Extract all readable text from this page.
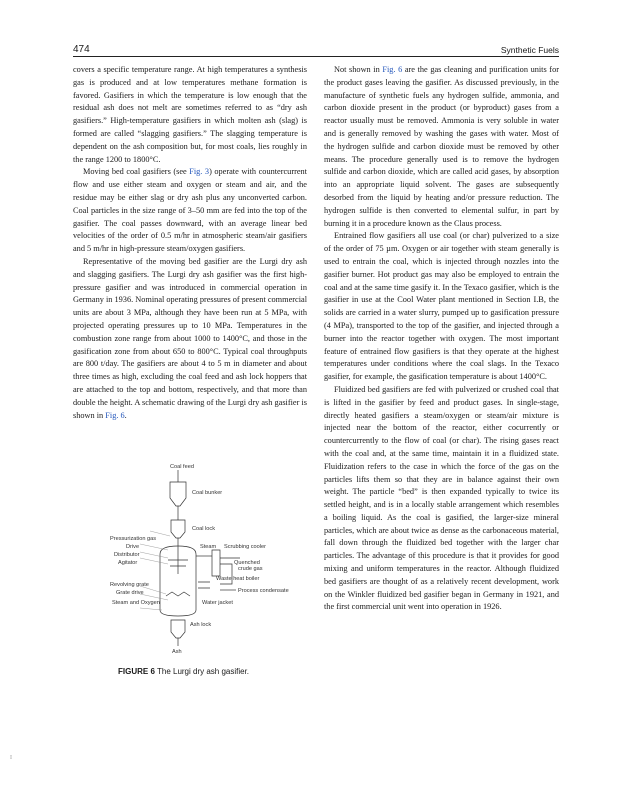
474	Synthetic Fuels

covers a specific temperature range. At high temperatures a synthesis gas is produced and at low temperatures methane formation is favored. Gasifiers in which the temperature is low enough that the residual ash does not melt are sometimes referred to as “dry ash gasifiers.” High-temperature gasifiers in which molten ash (slag) is formed are called “slagging gasifiers.” The slagging temperature is dependent on the ash composition but, for most coals, lies roughly in the range 1200 to 1800°C.

Moving bed coal gasifiers (see Fig. 3) operate with countercurrent flow and use either steam and oxygen or steam and air, and the residue may be either slag or dry ash plus any unconverted carbon. Coal particles in the size range of 3–50 mm are fed into the top of the gasifier. The coal passes downward, with an average linear bed velocities of the order of 0.5 m/hr in atmospheric steam/air gasifiers and 5 m/hr in high-pressure steam/oxygen gasifiers.

Representative of the moving bed gasifier are the Lurgi dry ash and slagging gasifiers. The Lurgi dry ash gasifier was the first high-pressure gasifier and was introduced in commercial operation in Germany in 1936. Nominal operating pressures of present commercial units are about 3 MPa, although they have been run at 5 MPa, with projected operating pressures up to 10 MPa. Temperatures in the combustion zone range from about 1000 to 1400°C, and those in the gasification zone from about 650 to 800°C. Typical coal throughputs are 800 t/day. The gasifiers are about 4 to 5 m in diameter and about three times as high, excluding the coal feed and ash lock hoppers that are attached to the top and bottom, respectively, and that more than double the height. A schematic drawing of the Lurgi dry ash gasifier is shown in Fig. 6.

Not shown in Fig. 6 are the gas cleaning and purification units for the product gases leaving the gasifier. As discussed previously, in the manufacture of synthetic fuels any hydrogen sulfide, ammonia, and carbon dioxide present in the product (or byproduct) gases from a reactor usually must be removed. Ammonia is very soluble in water and is generally removed by washing the gases with water. Most of the hydrogen sulfide and carbon dioxide must be removed by other means. The procedure generally used is to remove the hydrogen sulfide and carbon dioxide, which are called acid gases, by absorption into an appropriate liquid solvent. The gases are subsequently desorbed from the liquid by heating and/or pressure reduction. The hydrogen sulfide is then converted to elemental sulfur, in part by burning it in a procedure known as the Claus process.

Entrained flow gasifiers all use coal (or char) pulverized to a size of the order of 75 µm. Oxygen or air together with steam generally is used to entrain the coal, which is injected through nozzles into the gasifier burner. Hot product gas may also be employed to entrain the coal and at the same time gasify it. In the Texaco gasifier, which is the gasifier in use at the Cool Water plant mentioned in Section I.B, the solids are carried in a water slurry, pumped up to gasification pressure (4 MPa), transported to the top of the gasifier, and injected through a burner into the reactor together with oxygen. The most important feature of entrained flow gasifiers is that they operate at the highest temperatures under conditions where the coal slags. In the Texaco gasifier, for example, the gasification temperature is about 1400°C.

Fluidized bed gasifiers are fed with pulverized or crushed coal that is lifted in the gasifier by feed and product gases. In single-stage, directly heated gasifiers a steam/oxygen or steam/air mixture is injected near the bottom of the reactor, either cocurrently or countercurrently to the flow of coal (or char). The rising gases react with the coal and, at the same time, maintain it in a fluidized state. Fluidization refers to the case in which the force of the gas on the particles lifts them so that they are in balance against their own weight. The particle “bed” is then expanded typically to twice its settled height, and is in a locally stable arrangement which resembles a boiling liquid. As the coal is gasified, the larger-size mineral particles, which are about twice as dense as the carbonaceous material, fall down through the fluidized bed together with the larger char particles. The advantage of this procedure is that it provides for good mixing and uniform temperatures in the reactor. Although fluidized bed gasifiers are thought of as a relatively recent development, work on the Winkler fluidized bed gasifier began in Germany in 1921, and the first commercial unit went into operation in 1926.

Coal feed
Coal bunker
Coal lock
Pressurization gas
Drive
Distributor
Agitator
Steam Scrubbing cooler
Quenched
crude gas
Waste heat boiler
Revolving grate
Grate drive	Process condensate
Steam and Oxygen	Water jacket
Ash lock
Ash
FIGURE 6 The Lurgi dry ash gasifier.
I
